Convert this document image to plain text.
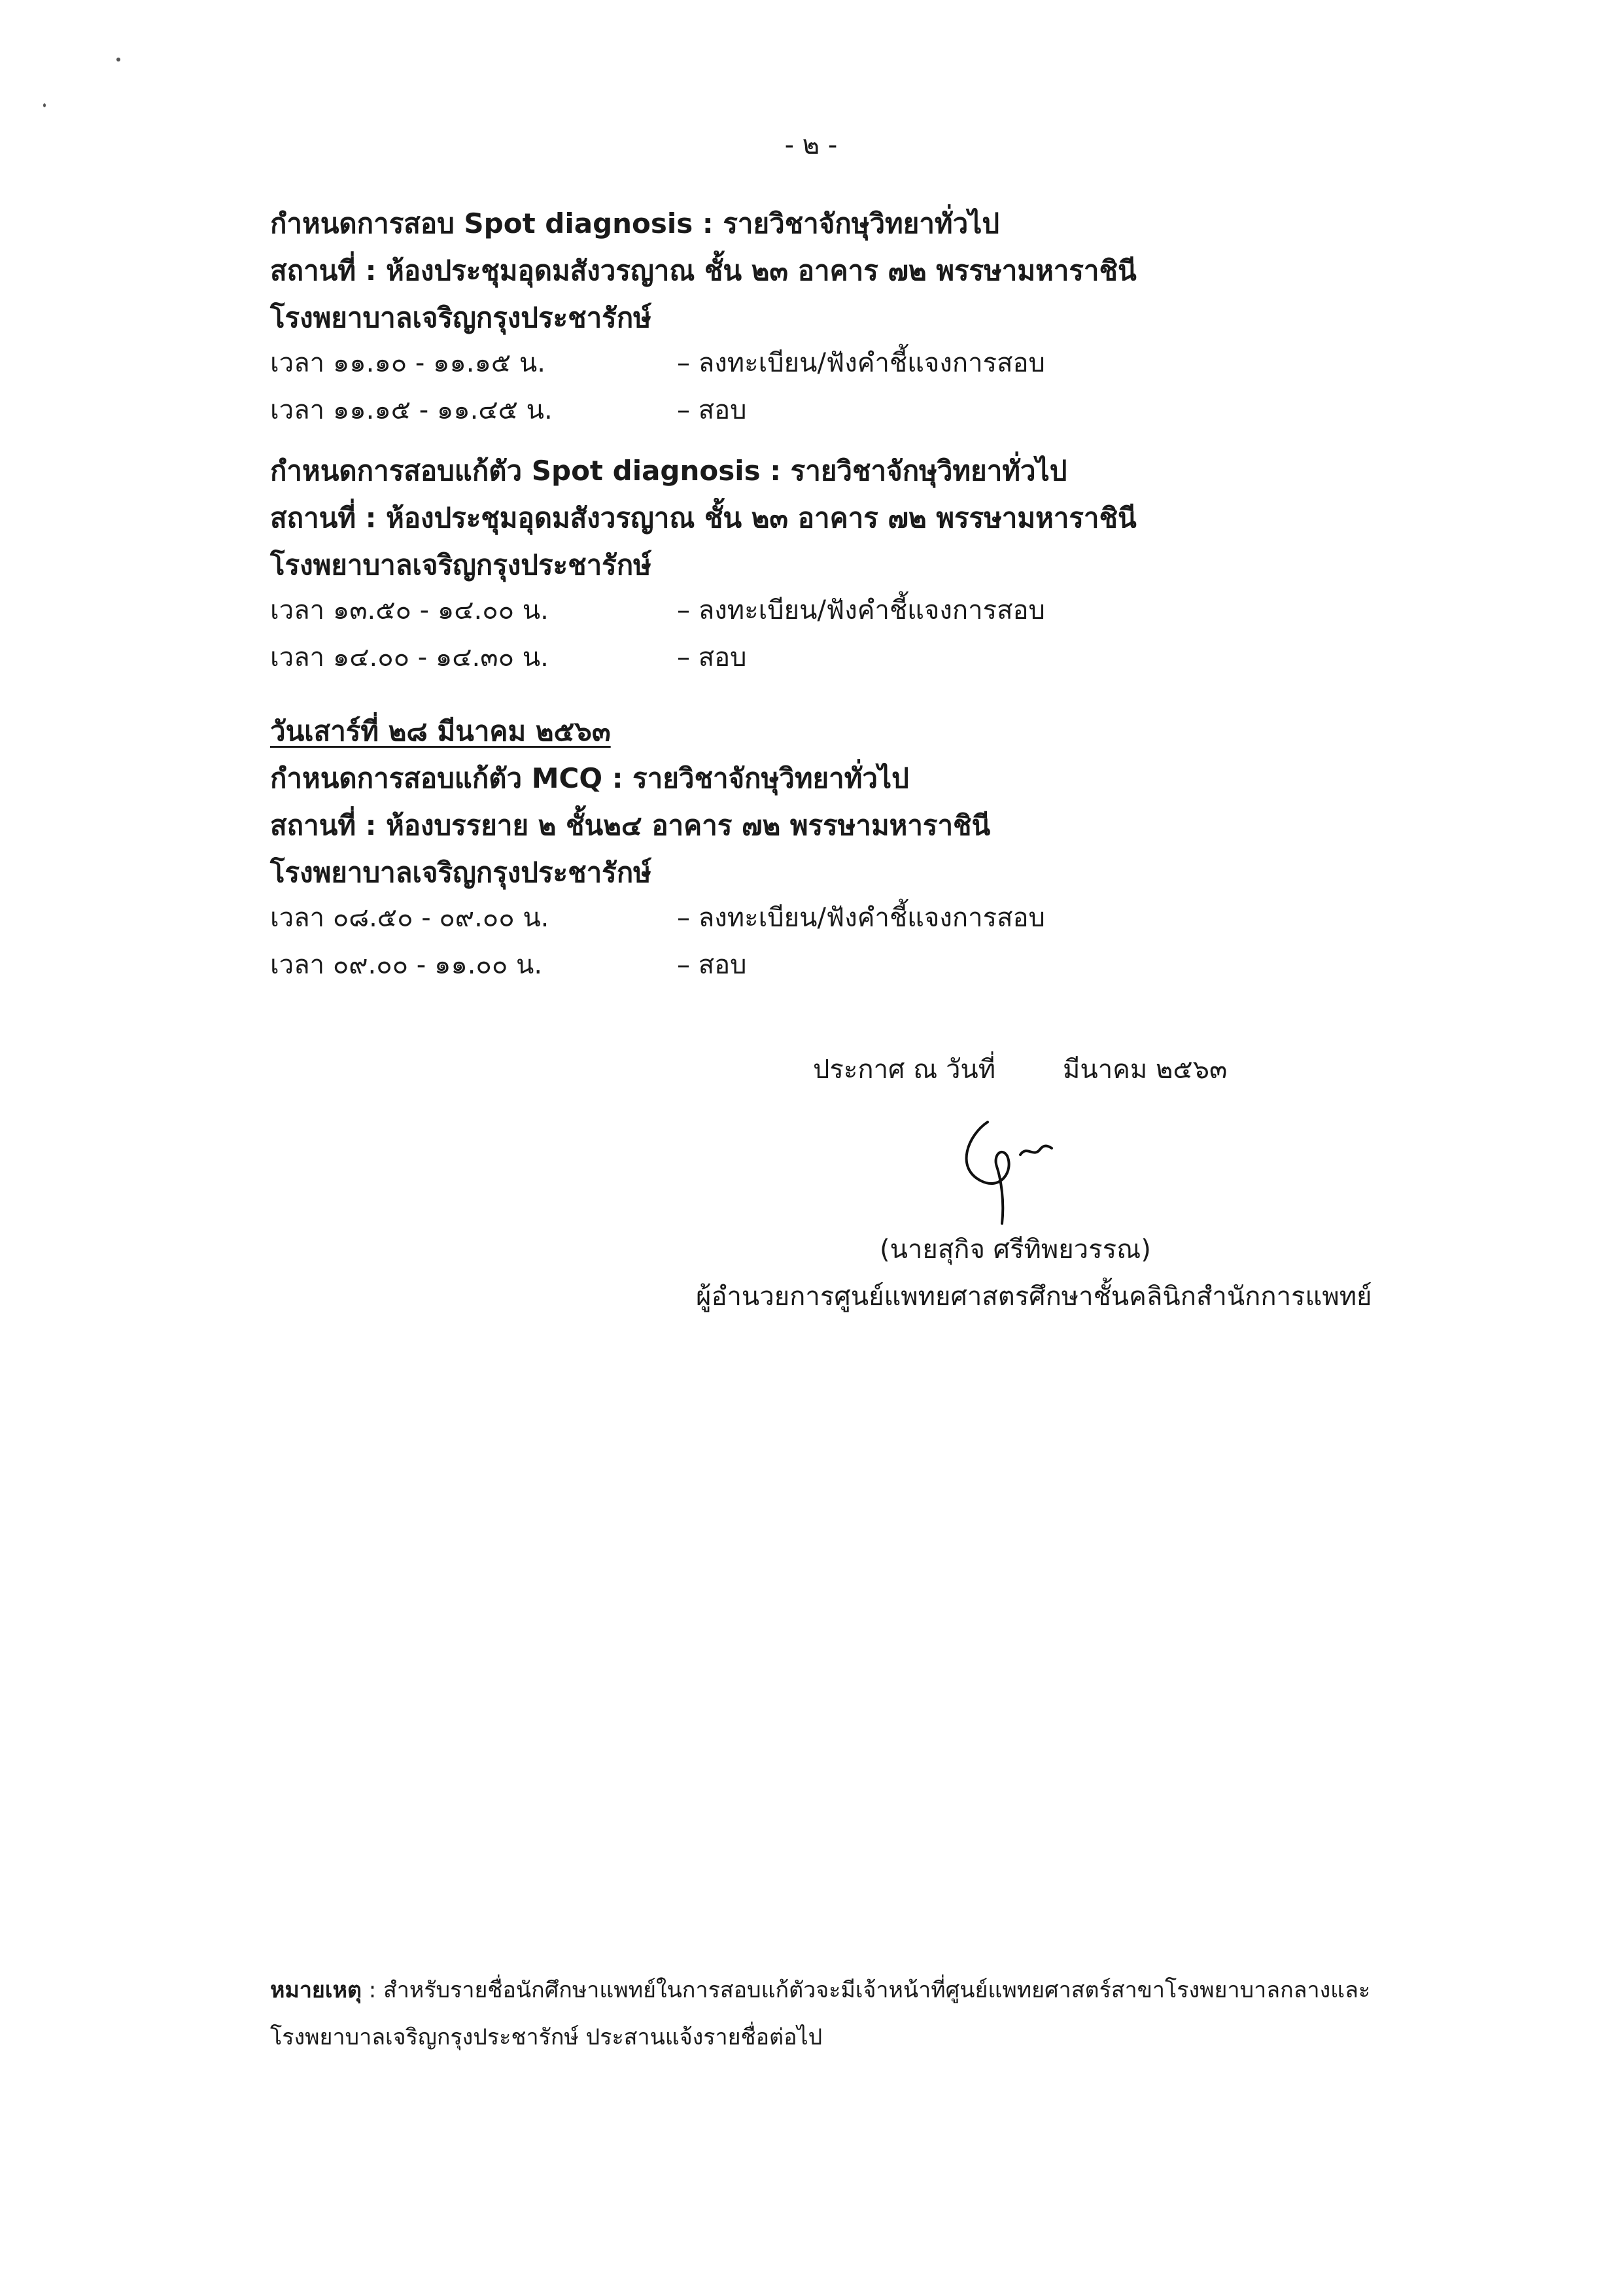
- ๒ -
กำหนดการสอบ Spot diagnosis : รายวิชาจักษุวิทยาทั่วไป
สถานที่ : ห้องประชุมอุดมสังวรญาณ ชั้น ๒๓ อาคาร ๗๒ พรรษามหาราชินี
โรงพยาบาลเจริญกรุงประชารักษ์
เวลา ๑๑.๑๐ - ๑๑.๑๕ น.	– ลงทะเบียน/ฟังคำชี้แจงการสอบ
เวลา ๑๑.๑๕ - ๑๑.๔๕ น.	– สอบ
กำหนดการสอบแก้ตัว Spot diagnosis : รายวิชาจักษุวิทยาทั่วไป
สถานที่ : ห้องประชุมอุดมสังวรญาณ ชั้น ๒๓ อาคาร ๗๒ พรรษามหาราชินี
โรงพยาบาลเจริญกรุงประชารักษ์
เวลา ๑๓.๕๐ - ๑๔.๐๐ น.	– ลงทะเบียน/ฟังคำชี้แจงการสอบ
เวลา ๑๔.๐๐ - ๑๔.๓๐ น.	– สอบ
วันเสาร์ที่ ๒๘ มีนาคม ๒๕๖๓
กำหนดการสอบแก้ตัว MCQ : รายวิชาจักษุวิทยาทั่วไป
สถานที่ : ห้องบรรยาย ๒ ชั้น๒๔ อาคาร ๗๒ พรรษามหาราชินี
โรงพยาบาลเจริญกรุงประชารักษ์
เวลา ๐๘.๕๐ - ๐๙.๐๐ น.	– ลงทะเบียน/ฟังคำชี้แจงการสอบ
เวลา ๐๙.๐๐ - ๑๑.๐๐ น.	– สอบ
ประกาศ ณ วันที่	มีนาคม ๒๕๖๓
(นายสุกิจ ศรีทิพยวรรณ)
ผู้อำนวยการศูนย์แพทยศาสตรศึกษาชั้นคลินิกสำนักการแพทย์
หมายเหตุ : สำหรับรายชื่อนักศึกษาแพทย์ในการสอบแก้ตัวจะมีเจ้าหน้าที่ศูนย์แพทยศาสตร์สาขาโรงพยาบาลกลางและ
โรงพยาบาลเจริญกรุงประชารักษ์ ประสานแจ้งรายชื่อต่อไป
